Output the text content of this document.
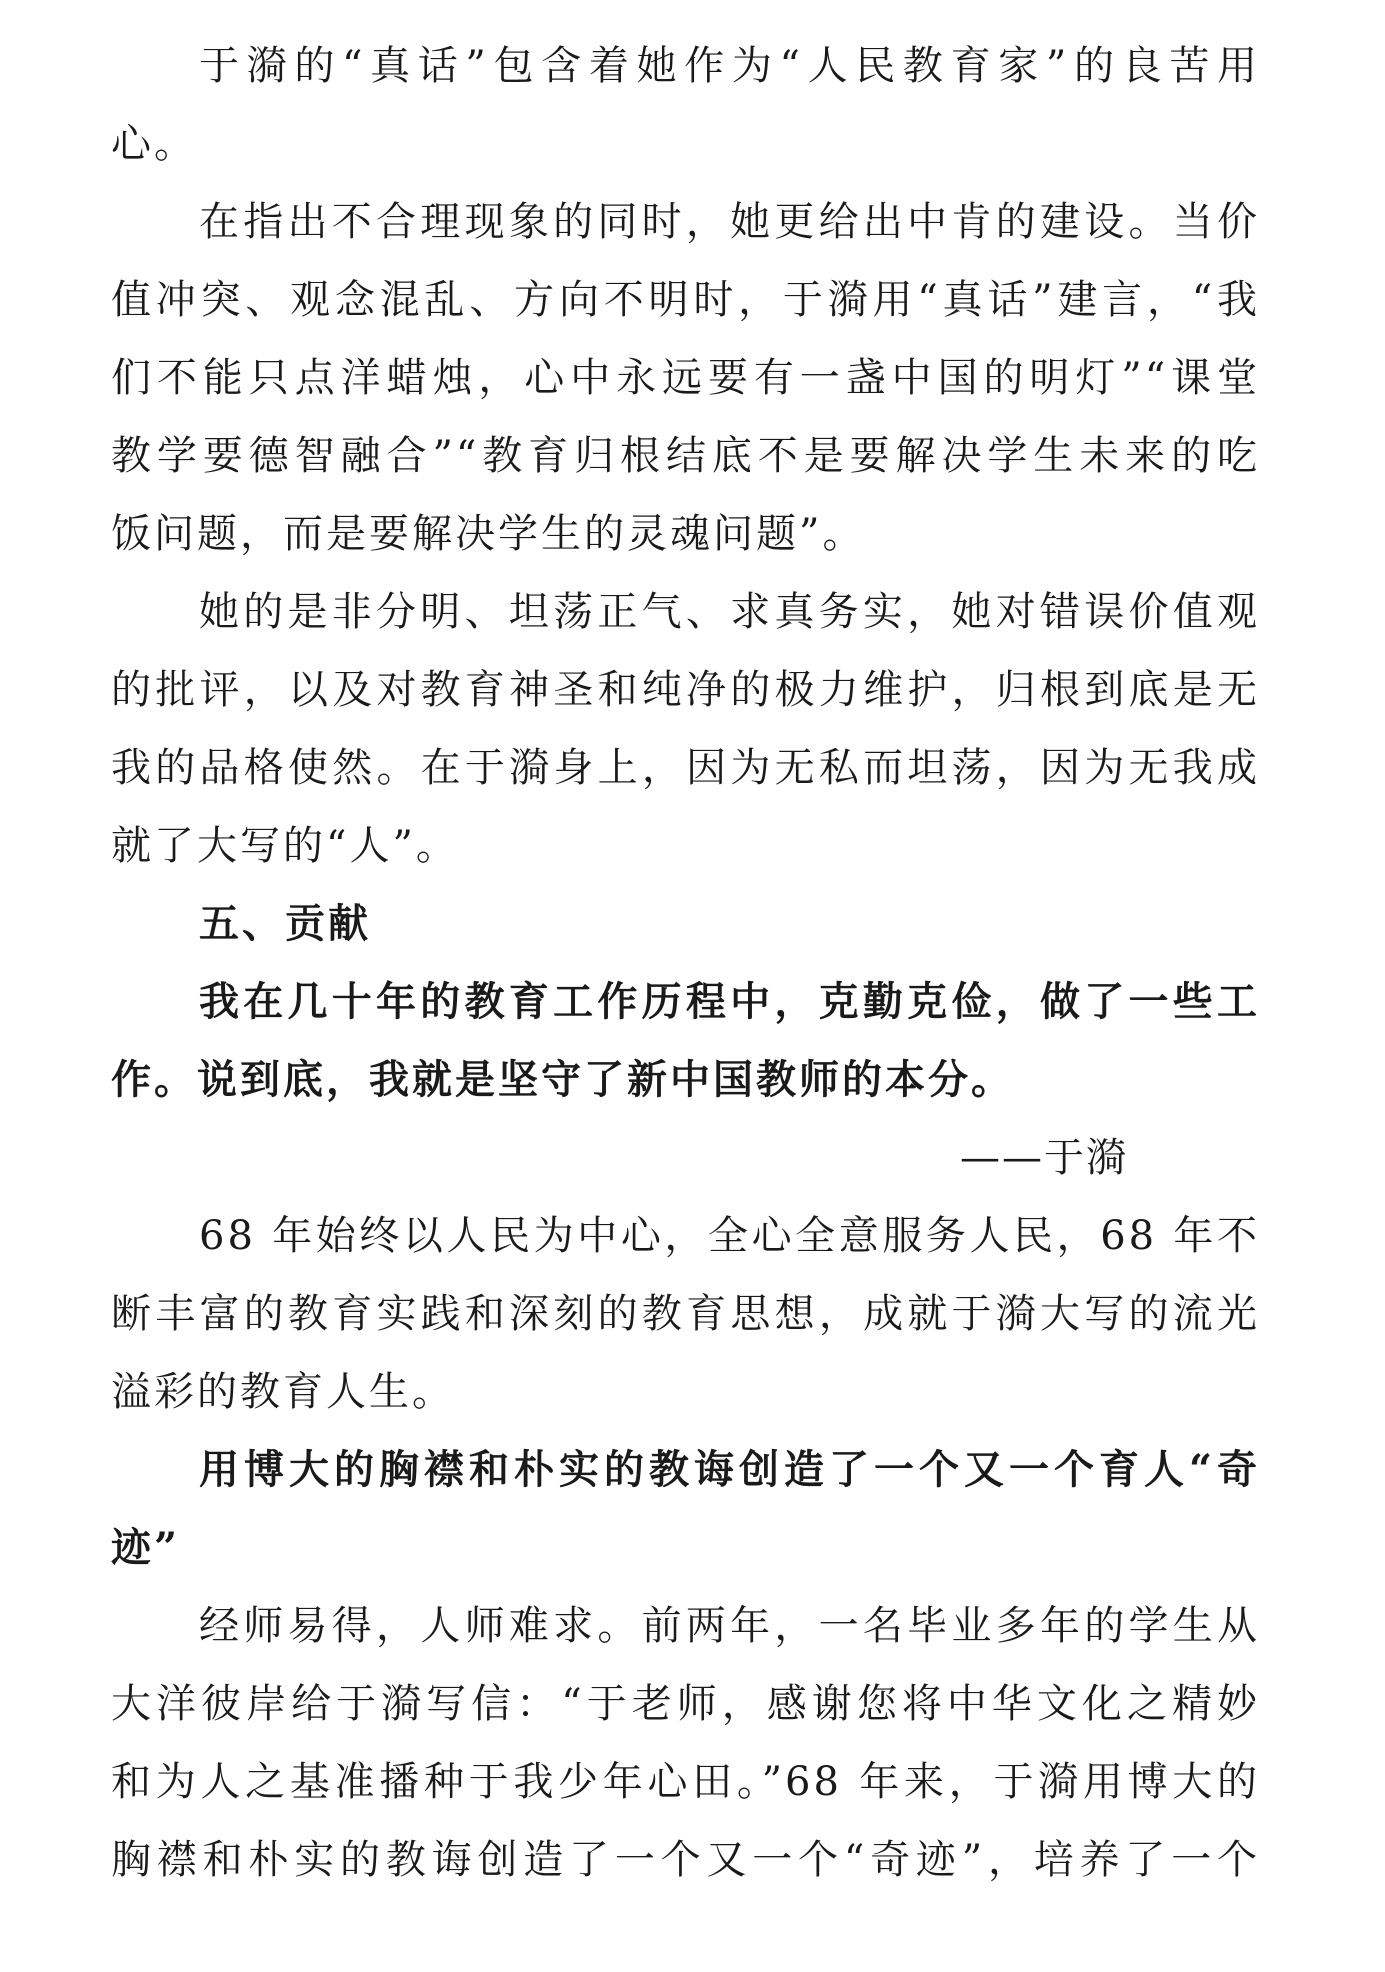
于漪的“真话”包含着她作为“人民教育家”的良苦用
心。
在指出不合理现象的同时，她更给出中肯的建设。当价
值冲突、观念混乱、方向不明时，于漪用“真话”建言，“我
们不能只点洋蜡烛，心中永远要有一盏中国的明灯”“课堂
教学要德智融合”“教育归根结底不是要解决学生未来的吃
饭问题，而是要解决学生的灵魂问题”。
她的是非分明、坦荡正气、求真务实，她对错误价值观
的批评，以及对教育神圣和纯净的极力维护，归根到底是无
我的品格使然。在于漪身上，因为无私而坦荡，因为无我成
就了大写的“人”。
五、贡献
我在几十年的教育工作历程中，克勤克俭，做了一些工
作。说到底，我就是坚守了新中国教师的本分。
——于漪
68 年始终以人民为中心，全心全意服务人民，68 年不
断丰富的教育实践和深刻的教育思想，成就于漪大写的流光
溢彩的教育人生。
用博大的胸襟和朴实的教诲创造了一个又一个育人“奇
迹”
经师易得，人师难求。前两年，一名毕业多年的学生从
大洋彼岸给于漪写信：“于老师，感谢您将中华文化之精妙
和为人之基准播种于我少年心田。”68 年来，于漪用博大的
胸襟和朴实的教诲创造了一个又一个“奇迹”，培养了一个
